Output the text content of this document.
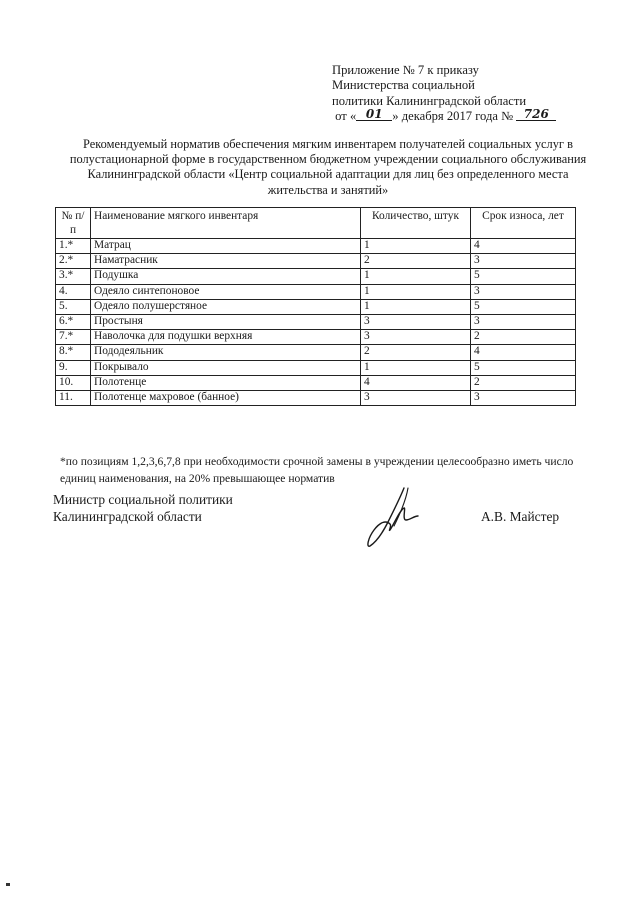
Приложение № 7 к приказу
Министерства социальной
политики Калининградской области
от « 01 » декабря 2017 года № 726
Рекомендуемый норматив обеспечения мягким инвентарем получателей социальных услуг в полустационарной форме в государственном бюджетном учреждении социального обслуживания Калининградской области «Центр социальной адаптации для лиц без определенного места жительства и занятий»
№ п/п	Наименование мягкого инвентаря	Количество, штук	Срок износа, лет
1.*	Матрац	1	4
2.*	Наматрасник	2	3
3.*	Подушка	1	5
4.	Одеяло синтепоновое	1	3
5.	Одеяло полушерстяное	1	5
6.*	Простыня	3	3
7.*	Наволочка для подушки верхняя	3	2
8.*	Пододеяльник	2	4
9.	Покрывало	1	5
10.	Полотенце	4	2
11.	Полотенце махровое (банное)	3	3
*по позициям 1,2,3,6,7,8 при необходимости срочной замены в учреждении целесообразно иметь число единиц наименования, на 20% превышающее норматив
Министр социальной политики
Калининградской области	А.В. Майстер
